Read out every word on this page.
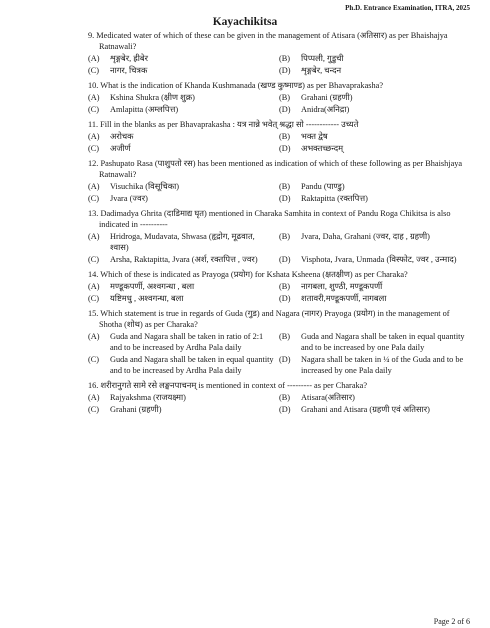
Ph.D. Entrance Examination, ITRA, 2025
Kayachikitsa
9. Medicated water of which of these can be given in the management of Atisara (अतिसार) as per Bhaishajya Ratnawali?
(A)	शृङ्गबेर, ह्रीबेर	(B)	पिप्पली, गुडुची
(C)	नागर, चित्रक	(D)	शृङ्गबेर, चन्दन
10. What is the indication of Khanda Kushmanada (खण्ड कुष्माण्ड) as per Bhavaprakasha?
(A)	Kshina Shukra (क्षीण शुक्र)	(B)	Grahani (ग्रहणी)
(C)	Amlapitta (अम्लपित्त)	(D)	Anidra(अनिद्रा)
11. Fill in the blanks as per Bhavaprakasha : यत्र नान्ने भवेत् श्रद्धा सो ------------ उच्यते
(A)	अरोचक	(B)	भक्त द्वेष
(C)	अजीर्ण	(D)	अभक्तच्छन्दम्
12. Pashupato Rasa (पाशुपतो रस) has been mentioned as indication of which of these following as per Bhaishjaya Ratnawali?
(A)	Visuchika (विसूचिका)	(B)	Pandu (पाण्डु)
(C)	Jvara (ज्वर)	(D)	Raktapitta (रक्तपित्त)
13. Dadimadya Ghrita (दाडिमाद्य घृत) mentioned in Charaka Samhita in context of Pandu Roga Chikitsa is also indicated in ----------
(A)	Hridroga, Mudavata, Shwasa (हृद्रोग, मूढवात, श्वास)
(B)	Jvara, Daha, Grahani (ज्वर, दाह , ग्रहणी)
(C)	Arsha, Raktapitta, Jvara (अर्श, रक्तपित्त , ज्वर)	(D)	Visphota, Jvara, Unmada (विस्फोट, ज्वर , उन्माद)
14. Which of these is indicated as Prayoga (प्रयोग) for Kshata Ksheena (क्षतक्षीण) as per Charaka?
(A)	मण्डूकपर्णी, अश्वगन्धा , बला	(B)	नागबला, शुण्ठी, मण्डूकपर्णी
(C)	यष्टिमधु , अश्वगन्धा, बला	(D)	शतावरी,मण्डूकपर्णी, नागबला
15. Which statement is true in regards of Guda (गुड) and Nagara (नागर) Prayoga (प्रयोग) in the management of Shotha (शोथ) as per Charaka?
(A)	Guda and Nagara shall be taken in ratio of 2:1 and to be increased by Ardha Pala daily
(B)	Guda and Nagara shall be taken in equal quantity and to be increased by one Pala daily
(C)	Guda and Nagara shall be taken in equal quantity and to be increased by Ardha Pala daily
(D)	Nagara shall be taken in ¼ of the Guda and to be increased by one Pala daily
16. शरीरानुगते सामे रसे लङ्घनपाचनम् is mentioned in context of --------- as per Charaka?
(A)	Rajyakshma (राजयक्ष्मा)	(B)	Atisara(अतिसार)
(C)	Grahani (ग्रहणी)	(D)	Grahani and Atisara (ग्रहणी एवं अतिसार)
Page 2 of 6
